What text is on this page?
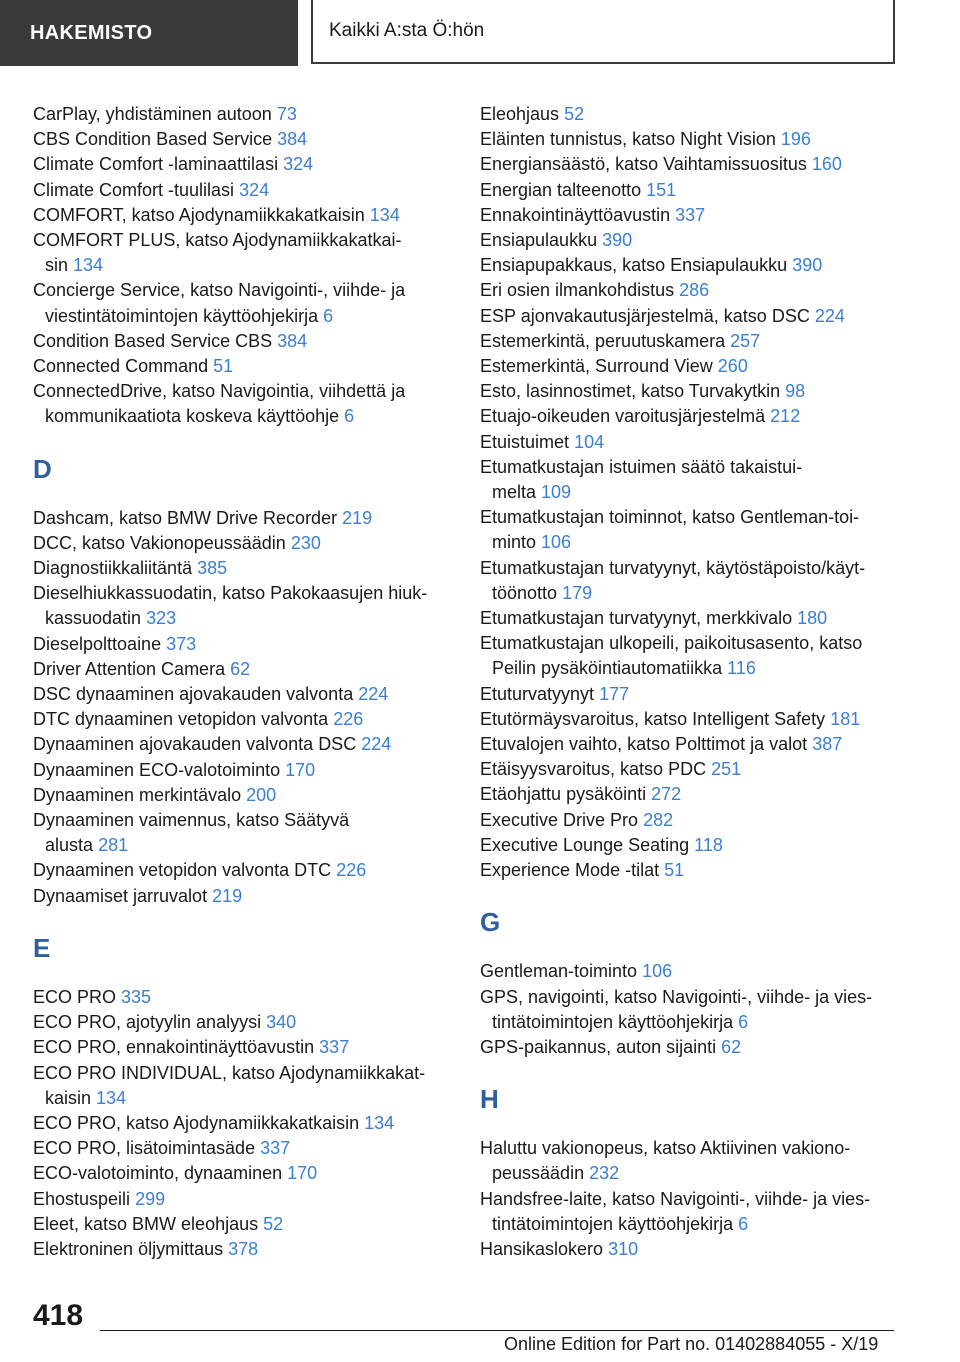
HAKEMISTO	Kaikki A:sta Ö:hön
CarPlay, yhdistäminen autoon 73
CBS Condition Based Service 384
Climate Comfort -laminaattilasi 324
Climate Comfort -tuulilasi 324
COMFORT, katso Ajodynamiikkakatkaisin 134
COMFORT PLUS, katso Ajodynamiikkakatkai-
sin 134
Concierge Service, katso Navigointi-, viihde- ja
viestintätoimintojen käyttöohjekirja 6
Condition Based Service CBS 384
Connected Command 51
ConnectedDrive, katso Navigointia, viihdettä ja
kommunikaatiota koskeva käyttöohje 6
D
Dashcam, katso BMW Drive Recorder 219
DCC, katso Vakionopeussäädin 230
Diagnostiikkaliitäntä 385
Dieselhiukkassuodatin, katso Pakokaasujen hiuk-
kassuodatin 323
Dieselpolttoaine 373
Driver Attention Camera 62
DSC dynaaminen ajovakauden valvonta 224
DTC dynaaminen vetopidon valvonta 226
Dynaaminen ajovakauden valvonta DSC 224
Dynaaminen ECO-valotoiminto 170
Dynaaminen merkintävalo 200
Dynaaminen vaimennus, katso Säätyvä
alusta 281
Dynaaminen vetopidon valvonta DTC 226
Dynaamiset jarruvalot 219
E
ECO PRO 335
ECO PRO, ajotyylin analyysi 340
ECO PRO, ennakointinäyttöavustin 337
ECO PRO INDIVIDUAL, katso Ajodynamiikkakat-
kaisin 134
ECO PRO, katso Ajodynamiikkakatkaisin 134
ECO PRO, lisätoimintasäde 337
ECO-valotoiminto, dynaaminen 170
Ehostuspeili 299
Eleet, katso BMW eleohjaus 52
Elektroninen öljymittaus 378
Eleohjaus 52
Eläinten tunnistus, katso Night Vision 196
Energiansäästö, katso Vaihtamissuositus 160
Energian talteenotto 151
Ennakointinäyttöavustin 337
Ensiapulaukku 390
Ensiapupakkaus, katso Ensiapulaukku 390
Eri osien ilmankohdistus 286
ESP ajonvakautusjärjestelmä, katso DSC 224
Estemerkintä, peruutuskamera 257
Estemerkintä, Surround View 260
Esto, lasinnostimet, katso Turvakytkin 98
Etuajo-oikeuden varoitusjärjestelmä 212
Etuistuimet 104
Etumatkustajan istuimen säätö takaistui-
melta 109
Etumatkustajan toiminnot, katso Gentleman-toi-
minto 106
Etumatkustajan turvatyynyt, käytöstäpoisto/käyt-
töönotto 179
Etumatkustajan turvatyynyt, merkkivalo 180
Etumatkustajan ulkopeili, paikoitusasento, katso
Peilin pysäköintiautomatiikka 116
Etuturvatyynyt 177
Etutörmäysvaroitus, katso Intelligent Safety 181
Etuvalojen vaihto, katso Polttimot ja valot 387
Etäisyysvaroitus, katso PDC 251
Etäohjattu pysäköinti 272
Executive Drive Pro 282
Executive Lounge Seating 118
Experience Mode -tilat 51
G
Gentleman-toiminto 106
GPS, navigointi, katso Navigointi-, viihde- ja vies-
tintätoimintojen käyttöohjekirja 6
GPS-paikannus, auton sijainti 62
H
Haluttu vakionopeus, katso Aktiivinen vakiono-
peussäädin 232
Handsfree-laite, katso Navigointi-, viihde- ja vies-
tintätoimintojen käyttöohjekirja 6
Hansikaslokero 310
418
Online Edition for Part no. 01402884055 - X/19
